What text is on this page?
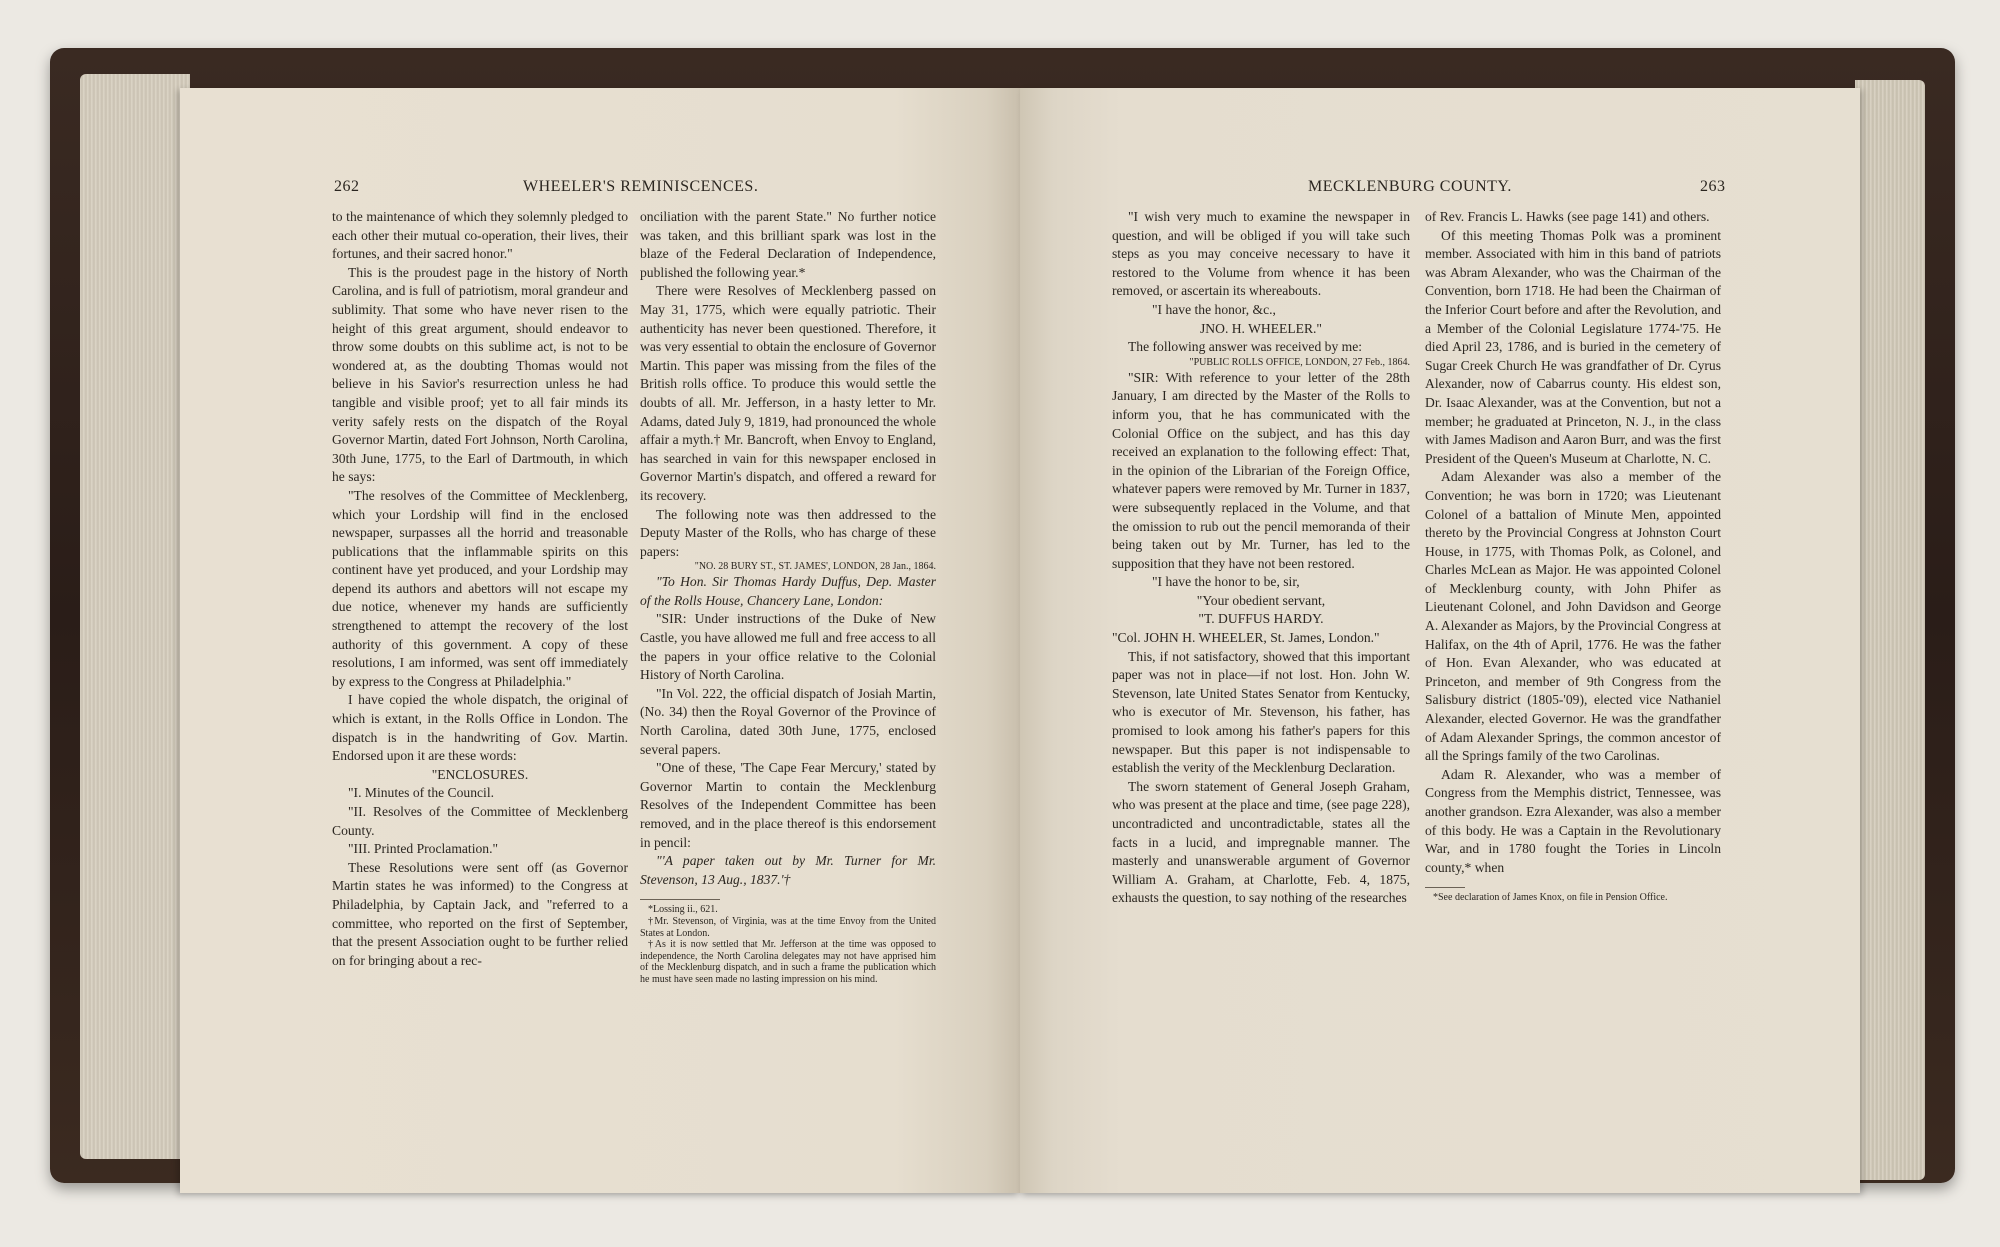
262	WHEELER'S REMINISCENCES.

to the maintenance of which they solemnly pledged to each other their mutual co-operation, their lives, their fortunes, and their sacred honor."

This is the proudest page in the history of North Carolina, and is full of patriotism, moral grandeur and sublimity. That some who have never risen to the height of this great argument, should endeavor to throw some doubts on this sublime act, is not to be wondered at, as the doubting Thomas would not believe in his Savior's resurrection unless he had tangible and visible proof; yet to all fair minds its verity safely rests on the dispatch of the Royal Governor Martin, dated Fort Johnson, North Carolina, 30th June, 1775, to the Earl of Dartmouth, in which he says:

"The resolves of the Committee of Mecklenberg, which your Lordship will find in the enclosed newspaper, surpasses all the horrid and treasonable publications that the inflammable spirits on this continent have yet produced, and your Lordship may depend its authors and abettors will not escape my due notice, whenever my hands are sufficiently strengthened to attempt the recovery of the lost authority of this government. A copy of these resolutions, I am informed, was sent off immediately by express to the Congress at Philadelphia."

I have copied the whole dispatch, the original of which is extant, in the Rolls Office in London. The dispatch is in the handwriting of Gov. Martin. Endorsed upon it are these words:

"ENCLOSURES.

"I. Minutes of the Council.

"II. Resolves of the Committee of Mecklenberg County.

"III. Printed Proclamation."

These Resolutions were sent off (as Governor Martin states he was informed) to the Congress at Philadelphia, by Captain Jack, and "referred to a committee, who reported on the first of September, that the present Association ought to be further relied on for bringing about a rec-

onciliation with the parent State." No further notice was taken, and this brilliant spark was lost in the blaze of the Federal Declaration of Independence, published the following year.*

There were Resolves of Mecklenberg passed on May 31, 1775, which were equally patriotic. Their authenticity has never been questioned. Therefore, it was very essential to obtain the enclosure of Governor Martin. This paper was missing from the files of the British rolls office. To produce this would settle the doubts of all. Mr. Jefferson, in a hasty letter to Mr. Adams, dated July 9, 1819, had pronounced the whole affair a myth.† Mr. Bancroft, when Envoy to England, has searched in vain for this newspaper enclosed in Governor Martin's dispatch, and offered a reward for its recovery.

The following note was then addressed to the Deputy Master of the Rolls, who has charge of these papers:

"NO. 28 BURY ST., ST. JAMES', LONDON, 28 Jan., 1864.

"To Hon. Sir Thomas Hardy Duffus, Dep. Master of the Rolls House, Chancery Lane, London:

"SIR: Under instructions of the Duke of New Castle, you have allowed me full and free access to all the papers in your office relative to the Colonial History of North Carolina.

"In Vol. 222, the official dispatch of Josiah Martin, (No. 34) then the Royal Governor of the Province of North Carolina, dated 30th June, 1775, enclosed several papers.

"One of these, 'The Cape Fear Mercury,' stated by Governor Martin to contain the Mecklenburg Resolves of the Independent Committee has been removed, and in the place thereof is this endorsement in pencil:

"'A paper taken out by Mr. Turner for Mr. Stevenson, 13 Aug., 1837.'†

*Lossing ii., 621.

†Mr. Stevenson, of Virginia, was at the time Envoy from the United States at London.

†As it is now settled that Mr. Jefferson at the time was opposed to independence, the North Carolina delegates may not have apprised him of the Mecklenburg dispatch, and in such a frame the publication which he must have seen made no lasting impression on his mind.

MECKLENBURG COUNTY.	263

"I wish very much to examine the newspaper in question, and will be obliged if you will take such steps as you may conceive necessary to have it restored to the Volume from whence it has been removed, or ascertain its whereabouts.

"I have the honor, &c.,

JNO. H. WHEELER."

The following answer was received by me:

"PUBLIC ROLLS OFFICE, LONDON, 27 Feb., 1864.

"SIR: With reference to your letter of the 28th January, I am directed by the Master of the Rolls to inform you, that he has communicated with the Colonial Office on the subject, and has this day received an explanation to the following effect: That, in the opinion of the Librarian of the Foreign Office, whatever papers were removed by Mr. Turner in 1837, were subsequently replaced in the Volume, and that the omission to rub out the pencil memoranda of their being taken out by Mr. Turner, has led to the supposition that they have not been restored.

"I have the honor to be, sir,

"Your obedient servant,

"T. DUFFUS HARDY.

"Col. JOHN H. WHEELER, St. James, London."

This, if not satisfactory, showed that this important paper was not in place—if not lost. Hon. John W. Stevenson, late United States Senator from Kentucky, who is executor of Mr. Stevenson, his father, has promised to look among his father's papers for this newspaper. But this paper is not indispensable to establish the verity of the Mecklenburg Declaration.

The sworn statement of General Joseph Graham, who was present at the place and time, (see page 228), uncontradicted and uncontradictable, states all the facts in a lucid, and impregnable manner. The masterly and unanswerable argument of Governor William A. Graham, at Charlotte, Feb. 4, 1875, exhausts the question, to say nothing of the researches

of Rev. Francis L. Hawks (see page 141) and others.

Of this meeting Thomas Polk was a prominent member. Associated with him in this band of patriots was Abram Alexander, who was the Chairman of the Convention, born 1718. He had been the Chairman of the Inferior Court before and after the Revolution, and a Member of the Colonial Legislature 1774-'75. He died April 23, 1786, and is buried in the cemetery of Sugar Creek Church He was grandfather of Dr. Cyrus Alexander, now of Cabarrus county. His eldest son, Dr. Isaac Alexander, was at the Convention, but not a member; he graduated at Princeton, N. J., in the class with James Madison and Aaron Burr, and was the first President of the Queen's Museum at Charlotte, N. C.

Adam Alexander was also a member of the Convention; he was born in 1720; was Lieutenant Colonel of a battalion of Minute Men, appointed thereto by the Provincial Congress at Johnston Court House, in 1775, with Thomas Polk, as Colonel, and Charles McLean as Major. He was appointed Colonel of Mecklenburg county, with John Phifer as Lieutenant Colonel, and John Davidson and George A. Alexander as Majors, by the Provincial Congress at Halifax, on the 4th of April, 1776. He was the father of Hon. Evan Alexander, who was educated at Princeton, and member of 9th Congress from the Salisbury district (1805-'09), elected vice Nathaniel Alexander, elected Governor. He was the grandfather of Adam Alexander Springs, the common ancestor of all the Springs family of the two Carolinas.

Adam R. Alexander, who was a member of Congress from the Memphis district, Tennessee, was another grandson. Ezra Alexander, was also a member of this body. He was a Captain in the Revolutionary War, and in 1780 fought the Tories in Lincoln county,* when

*See declaration of James Knox, on file in Pension Office.
